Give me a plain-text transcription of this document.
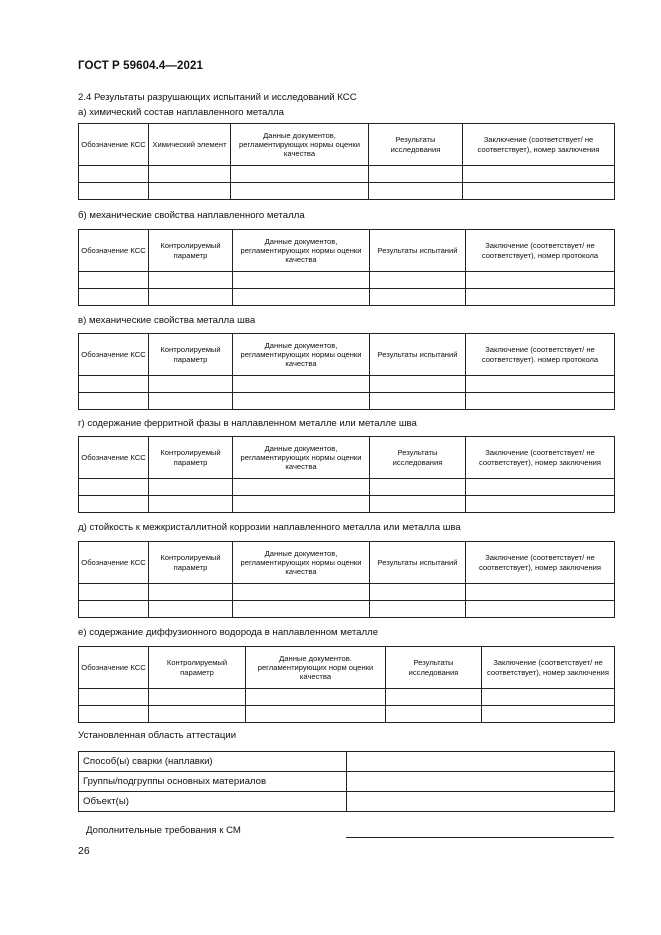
ГОСТ Р 59604.4—2021
2.4 Результаты разрушающих испытаний и исследований КСС
а) химический состав наплавленного металла
Обозначение КСС	Химический элемент	Данные документов, регламентирующих нормы оценки качества	Результаты исследования	Заключение (соответствует/ не соответствует), номер заключения

б) механические свойства наплавленного металла
Обозначение КСС	Контролируемый параметр	Данные документов, регламентирующих нормы оценки качества	Результаты испытаний	Заключение (соответствует/ не соответствует), номер протокола

в) механические свойства металла шва
Обозначение КСС	Контролируемый параметр	Данные документов, регламентирующих нормы оценки качества	Результаты испытаний	Заключение (соответствует/ не соответствует). номер протокола

г) содержание ферритной фазы в наплавленном металле или металле шва
Обозначение КСС	Контролируемый параметр	Данные документов, регламентирующих нормы оценки качества	Результаты исследования	Заключение (соответствует/ не соответствует), номер заключения

д) стойкость к межкристаллитной коррозии наплавленного металла или металла шва
Обозначение КСС	Контролируемый параметр	Данные документов, регламентирующих нормы оценки качества	Результаты испытаний	Заключение (соответствует/ не соответствует), номер заключения

е) содержание диффузионного водорода в наплавленном металле
Обозначение КСС	Контролируемый параметр	Данные документов. регламентирующих норм оценки качества	Результаты исследования	Заключение (соответствует/ не соответствует), номер заключения

Установленная область аттестации
Способ(ы) сварки (наплавки)	
Группы/подгруппы основных материалов	
Объект(ы)	
Дополнительные требования к СМ
26
